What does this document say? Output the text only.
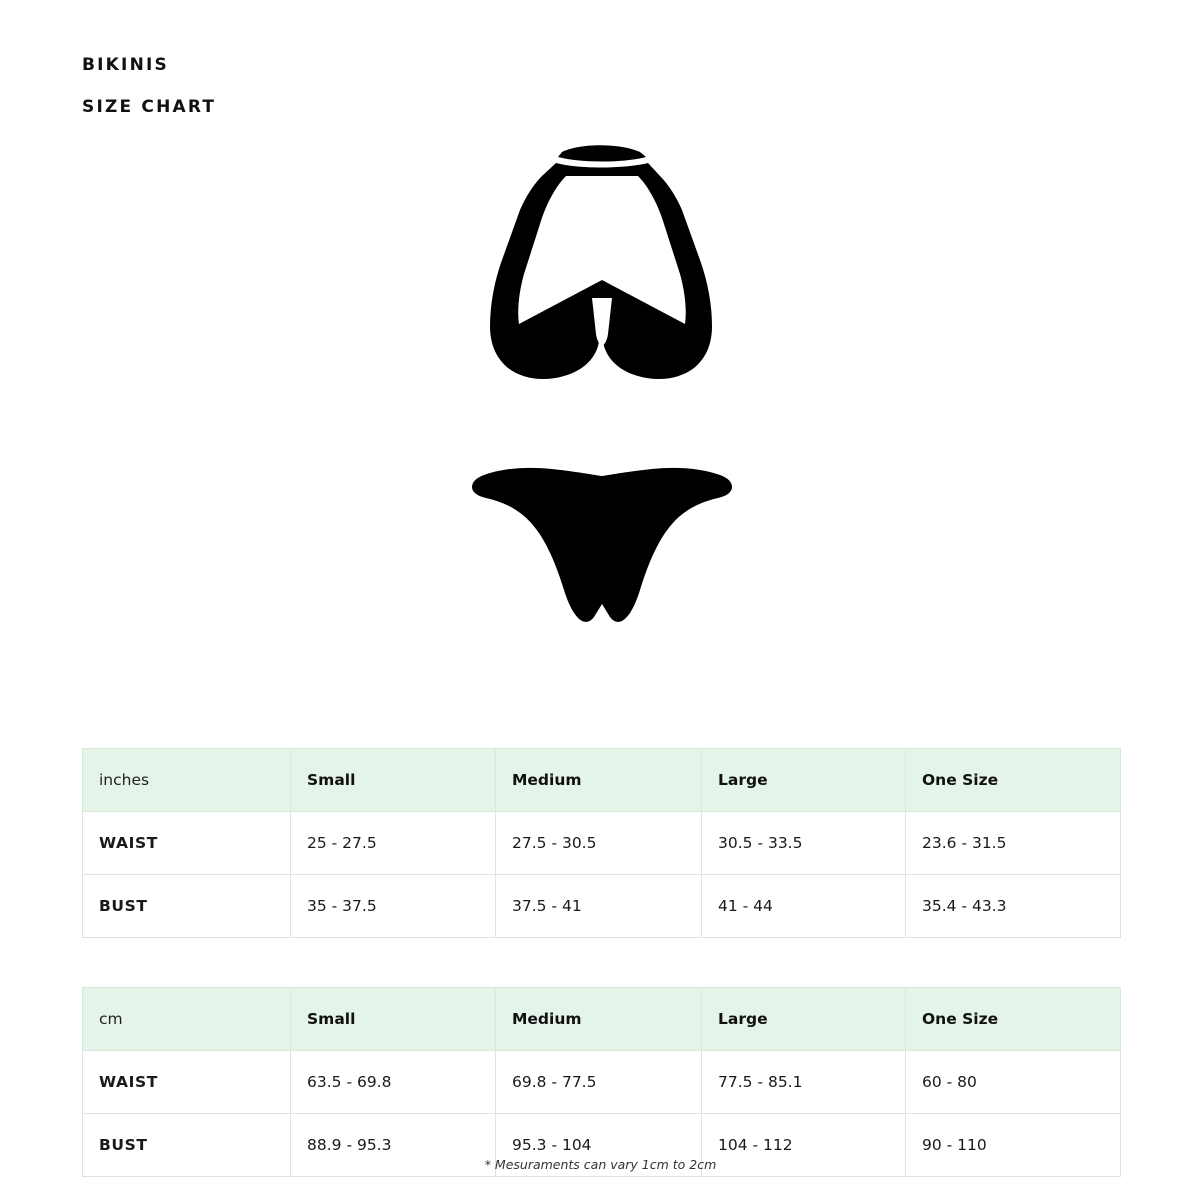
BIKINIS
SIZE CHART
inches	Small	Medium	Large	One Size
WAIST	25 - 27.5	27.5 - 30.5	30.5 - 33.5	23.6 - 31.5
BUST	35 - 37.5	37.5 - 41	41 - 44	35.4 - 43.3
cm	Small	Medium	Large	One Size
WAIST	63.5 - 69.8	69.8 - 77.5	77.5 - 85.1	60 - 80
BUST	88.9 - 95.3	95.3 - 104	104 - 112	90 - 110
* Mesuraments can vary 1cm to 2cm
